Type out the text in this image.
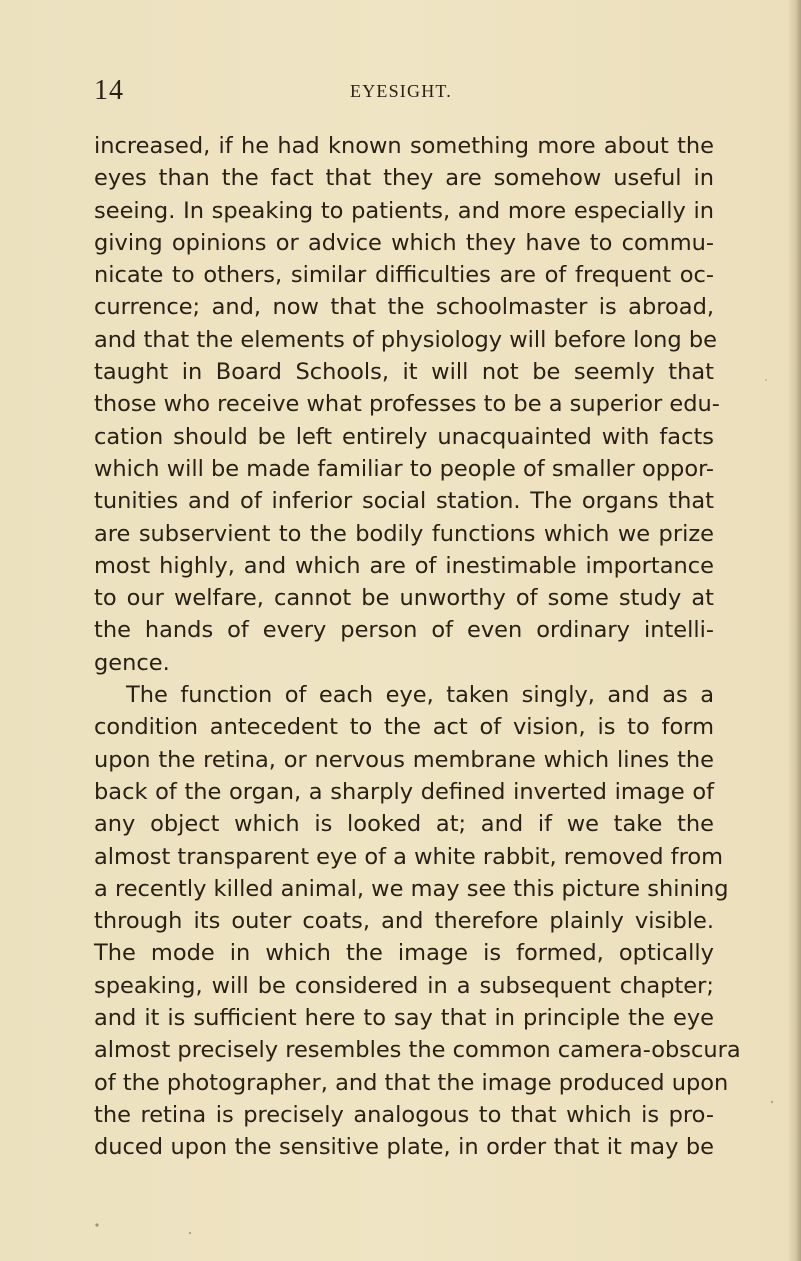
14	EYESIGHT.
increased, if he had known something more about the
eyes than the fact that they are somehow useful in
seeing. In speaking to patients, and more especially in
giving opinions or advice which they have to commu-
nicate to others, similar difficulties are of frequent oc-
currence; and, now that the schoolmaster is abroad,
and that the elements of physiology will before long be
taught in Board Schools, it will not be seemly that
those who receive what professes to be a superior edu-
cation should be left entirely unacquainted with facts
which will be made familiar to people of smaller oppor-
tunities and of inferior social station. The organs that
are subservient to the bodily functions which we prize
most highly, and which are of inestimable importance
to our welfare, cannot be unworthy of some study at
the hands of every person of even ordinary intelli-
gence.
The function of each eye, taken singly, and as a
condition antecedent to the act of vision, is to form
upon the retina, or nervous membrane which lines the
back of the organ, a sharply defined inverted image of
any object which is looked at; and if we take the
almost transparent eye of a white rabbit, removed from
a recently killed animal, we may see this picture shining
through its outer coats, and therefore plainly visible.
The mode in which the image is formed, optically
speaking, will be considered in a subsequent chapter;
and it is sufficient here to say that in principle the eye
almost precisely resembles the common camera-obscura
of the photographer, and that the image produced upon
the retina is precisely analogous to that which is pro-
duced upon the sensitive plate, in order that it may be
